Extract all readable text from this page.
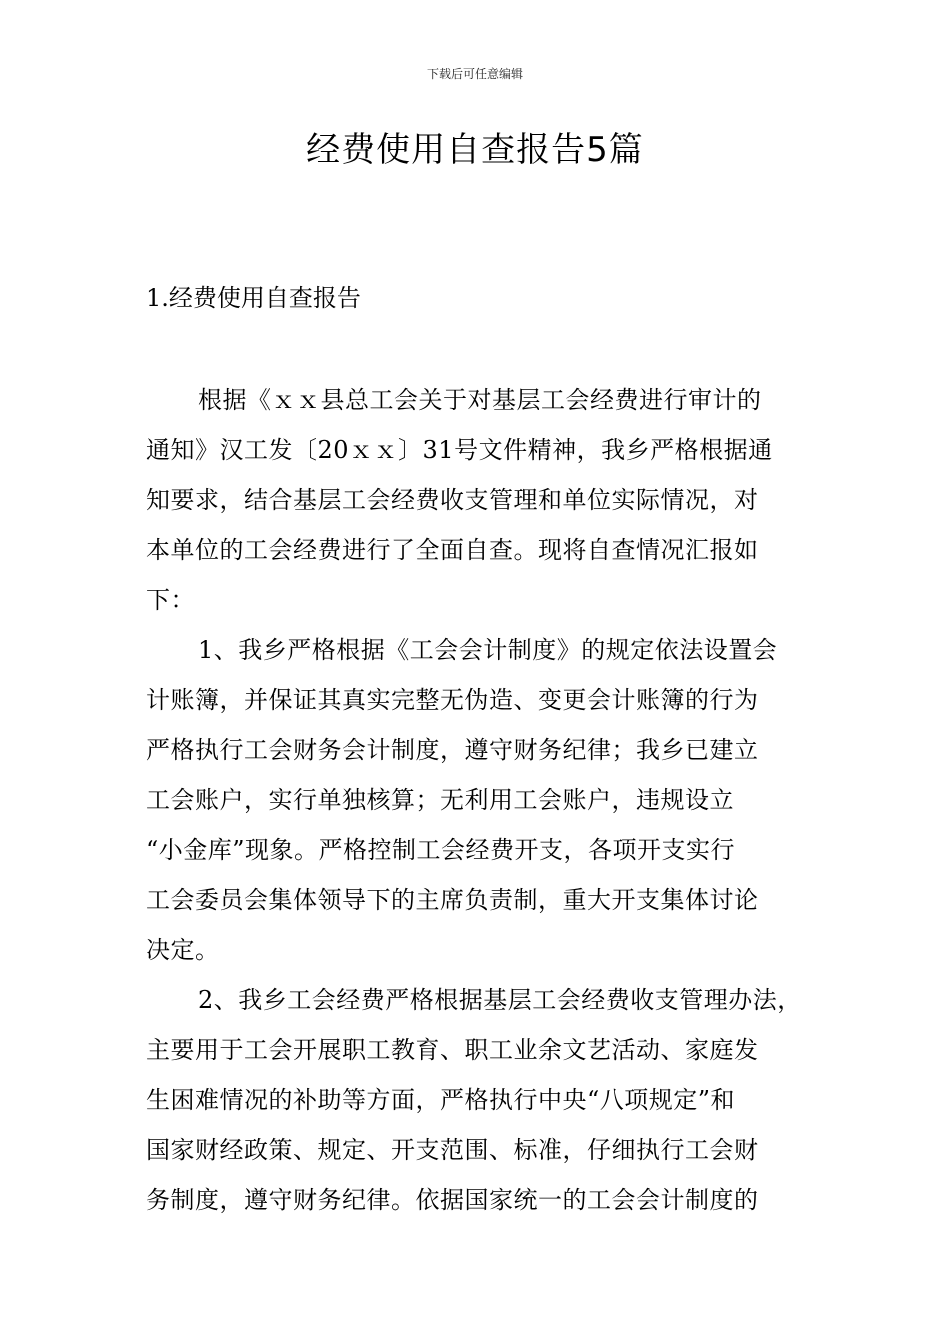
下载后可任意编辑
经费使用自查报告5篇
1.经费使用自查报告
根据《ｘｘ县总工会关于对基层工会经费进行审计的
通知》汉工发〔20ｘｘ〕31号文件精神，我乡严格根据通
知要求，结合基层工会经费收支管理和单位实际情况，对
本单位的工会经费进行了全面自查。现将自查情况汇报如
下：
1、我乡严格根据《工会会计制度》的规定依法设置会
计账簿，并保证其真实完整无伪造、变更会计账簿的行为
严格执行工会财务会计制度，遵守财务纪律；我乡已建立
工会账户，实行单独核算；无利用工会账户，违规设立
“小金库”现象。严格控制工会经费开支，各项开支实行
工会委员会集体领导下的主席负责制，重大开支集体讨论
决定。
2、我乡工会经费严格根据基层工会经费收支管理办法，
主要用于工会开展职工教育、职工业余文艺活动、家庭发
生困难情况的补助等方面，严格执行中央“八项规定”和
国家财经政策、规定、开支范围、标准，仔细执行工会财
务制度，遵守财务纪律。依据国家统一的工会会计制度的
